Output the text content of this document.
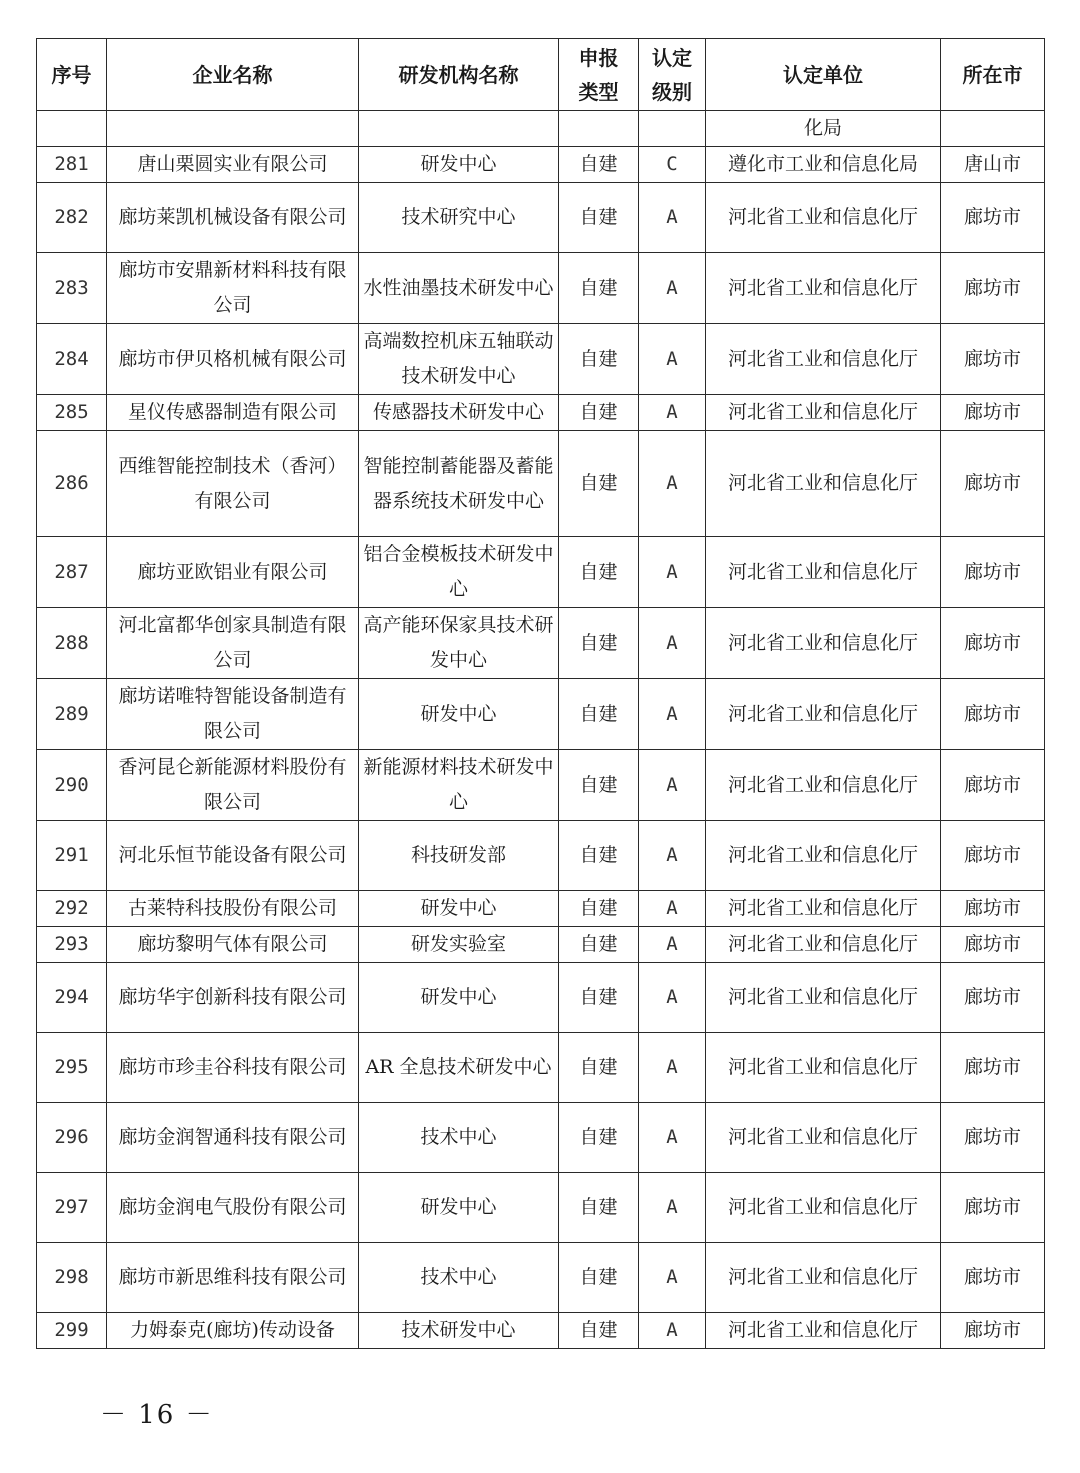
序号	企业名称	研发机构名称	申报类型	认定级别	认定单位	所在市
					化局	
281	唐山栗圆实业有限公司	研发中心	自建	C	遵化市工业和信息化局	唐山市
282	廊坊莱凯机械设备有限公司	技术研究中心	自建	A	河北省工业和信息化厅	廊坊市
283	廊坊市安鼎新材料科技有限公司	水性油墨技术研发中心	自建	A	河北省工业和信息化厅	廊坊市
284	廊坊市伊贝格机械有限公司	高端数控机床五轴联动技术研发中心	自建	A	河北省工业和信息化厅	廊坊市
285	星仪传感器制造有限公司	传感器技术研发中心	自建	A	河北省工业和信息化厅	廊坊市
286	西维智能控制技术（香河）有限公司	智能控制蓄能器及蓄能器系统技术研发中心	自建	A	河北省工业和信息化厅	廊坊市
287	廊坊亚欧铝业有限公司	铝合金模板技术研发中心	自建	A	河北省工业和信息化厅	廊坊市
288	河北富都华创家具制造有限公司	高产能环保家具技术研发中心	自建	A	河北省工业和信息化厅	廊坊市
289	廊坊诺唯特智能设备制造有限公司	研发中心	自建	A	河北省工业和信息化厅	廊坊市
290	香河昆仑新能源材料股份有限公司	新能源材料技术研发中心	自建	A	河北省工业和信息化厅	廊坊市
291	河北乐恒节能设备有限公司	科技研发部	自建	A	河北省工业和信息化厅	廊坊市
292	古莱特科技股份有限公司	研发中心	自建	A	河北省工业和信息化厅	廊坊市
293	廊坊黎明气体有限公司	研发实验室	自建	A	河北省工业和信息化厅	廊坊市
294	廊坊华宇创新科技有限公司	研发中心	自建	A	河北省工业和信息化厅	廊坊市
295	廊坊市珍圭谷科技有限公司	AR 全息技术研发中心	自建	A	河北省工业和信息化厅	廊坊市
296	廊坊金润智通科技有限公司	技术中心	自建	A	河北省工业和信息化厅	廊坊市
297	廊坊金润电气股份有限公司	研发中心	自建	A	河北省工业和信息化厅	廊坊市
298	廊坊市新思维科技有限公司	技术中心	自建	A	河北省工业和信息化厅	廊坊市
299	力姆泰克(廊坊)传动设备	技术研发中心	自建	A	河北省工业和信息化厅	廊坊市
－ 16 －
